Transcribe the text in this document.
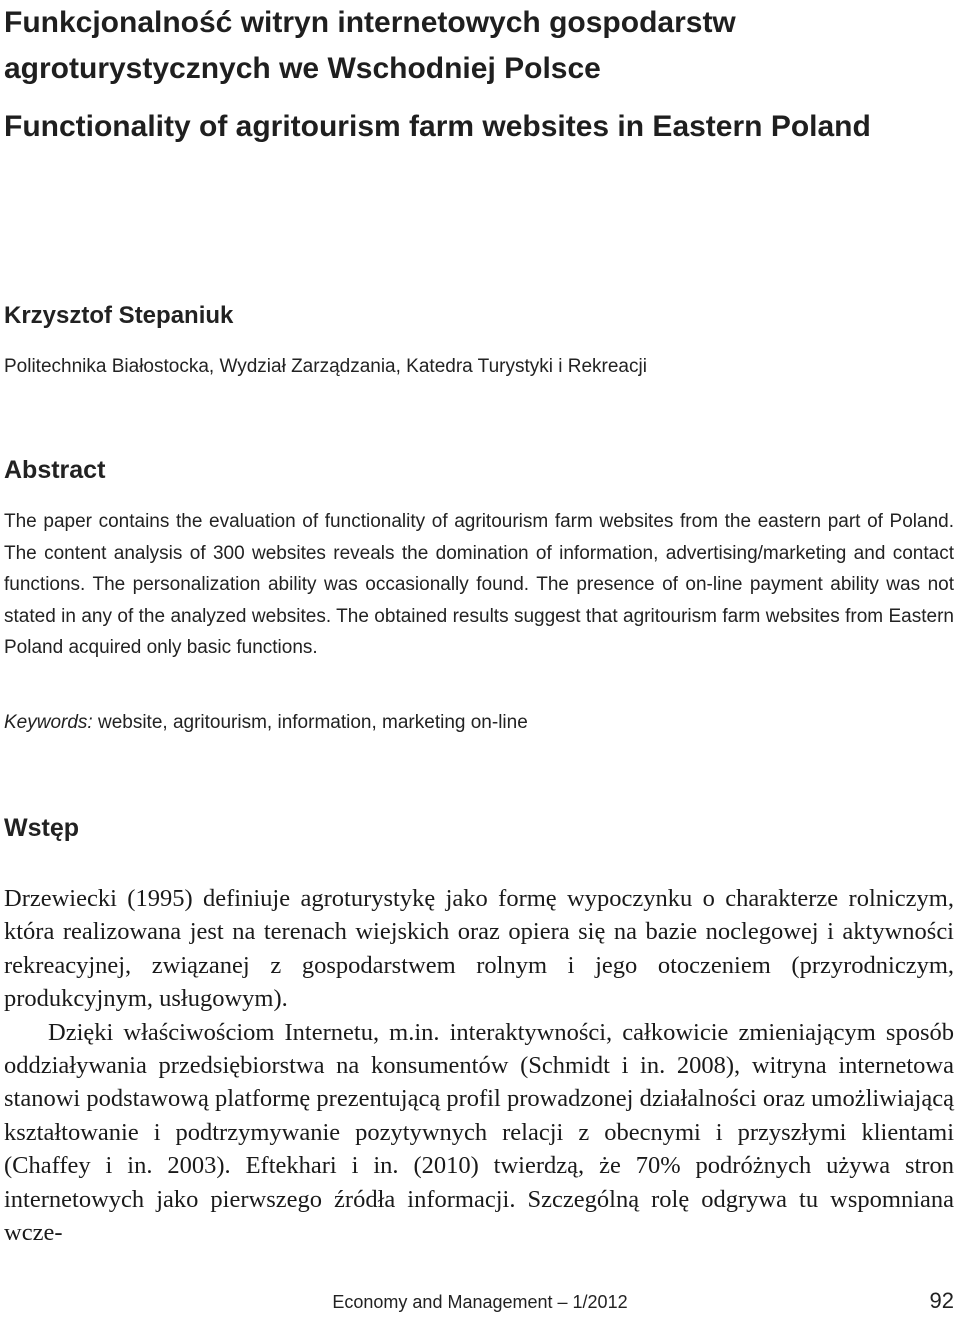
Funkcjonalność witryn internetowych gospodarstw agroturystycznych we Wschodniej Polsce
Functionality of agritourism farm websites in Eastern Poland
Krzysztof Stepaniuk
Politechnika Białostocka, Wydział Zarządzania, Katedra Turystyki i Rekreacji
Abstract
The paper contains the evaluation of functionality of agritourism farm websites from the eastern part of Poland. The content analysis of 300 websites reveals the domination of information, advertising/marketing and contact functions. The personalization ability was occasionally found. The presence of on-line payment ability was not stated in any of the analyzed websites. The obtained results suggest that agritourism farm websites from Eastern Poland acquired only basic functions.
Keywords: website, agritourism, information, marketing on-line
Wstęp

Drzewiecki (1995) definiuje agroturystykę jako formę wypoczynku o charakterze rolniczym, która realizowana jest na terenach wiejskich oraz opiera się na bazie noclegowej i aktywności rekreacyjnej, związanej z gospodarstwem rolnym i jego otoczeniem (przyrodniczym, produkcyjnym, usługowym).

Dzięki właściwościom Internetu, m.in. interaktywności, całkowicie zmieniającym sposób oddziaływania przedsiębiorstwa na konsumentów (Schmidt i in. 2008), witryna internetowa stanowi podstawową platformę prezentującą profil prowadzonej działalności oraz umożliwiającą kształtowanie i podtrzymywanie pozytywnych relacji z obecnymi i przyszłymi klientami (Chaffey i in. 2003). Eftekhari i in. (2010) twierdzą, że 70% podróżnych używa stron internetowych jako pierwszego źródła informacji. Szczególną rolę odgrywa tu wspomniana wcze-

Economy and Management – 1/2012	92
